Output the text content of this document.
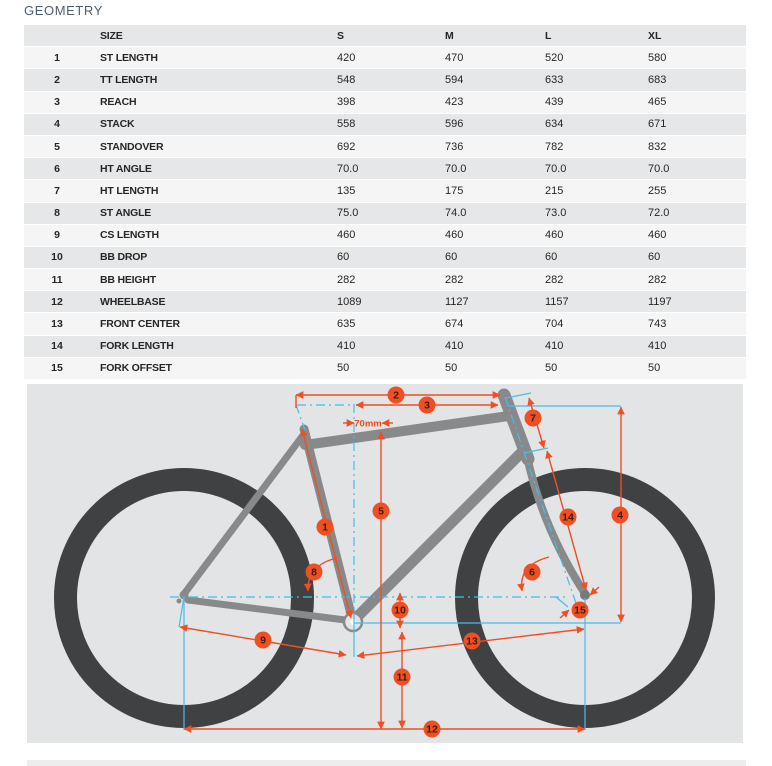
GEOMETRY
SIZE	S	M	L	XL
1	ST LENGTH	420	470	520	580
2	TT LENGTH	548	594	633	683
3	REACH	398	423	439	465
4	STACK	558	596	634	671
5	STANDOVER	692	736	782	832
6	HT ANGLE	70.0	70.0	70.0	70.0
7	HT LENGTH	135	175	215	255
8	ST ANGLE	75.0	74.0	73.0	72.0
9	CS LENGTH	460	460	460	460
10	BB DROP	60	60	60	60
11	BB HEIGHT	282	282	282	282
12	WHEELBASE	1089	1127	1157	1197
13	FRONT CENTER	635	674	704	743
14	FORK LENGTH	410	410	410	410
15	FORK OFFSET	50	50	50	50
70mm
1
2
3
4
5
6
7
8
9
10
11
12
13
14
15
